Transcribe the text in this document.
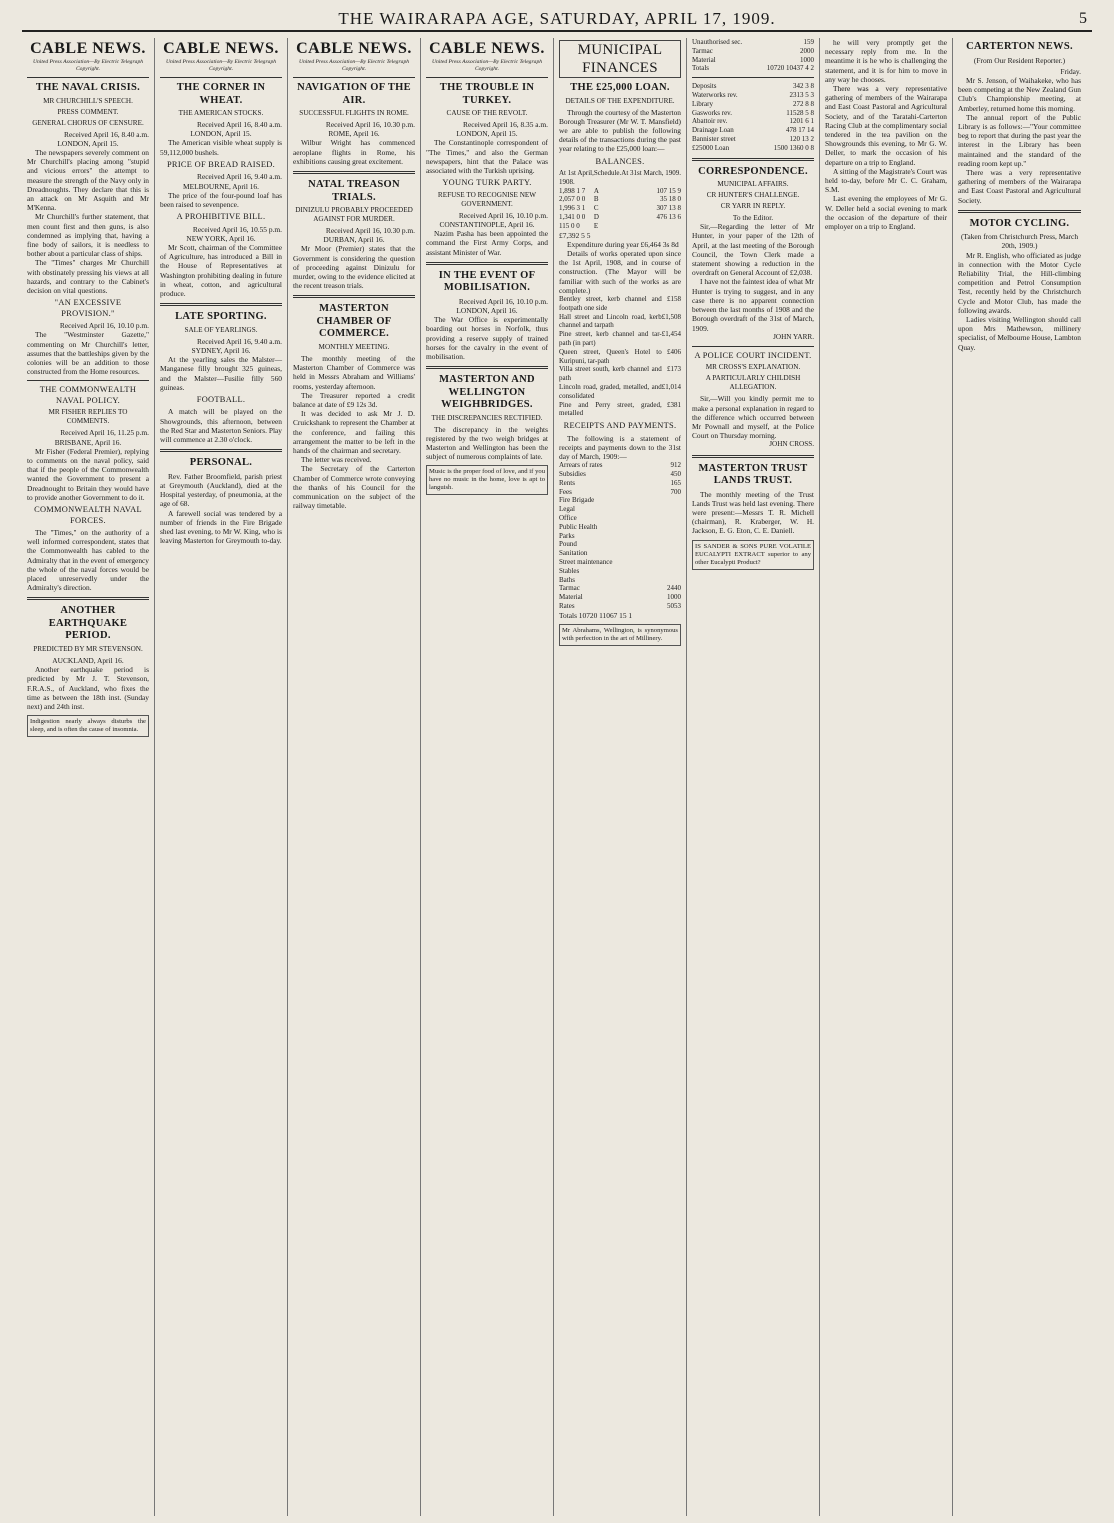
THE WAIRARAPA AGE, SATURDAY, APRIL 17, 1909.	5
CABLE NEWS.
United Press Association—By Electric Telegraph Copyright.
THE NAVAL CRISIS.
MR CHURCHILL'S SPEECH.
PRESS COMMENT.
GENERAL CHORUS OF CENSURE.
Received April 16, 8.40 a.m.
LONDON, April 15.

The newspapers severely comment on Mr Churchill's placing among "stupid and vicious errors" the attempt to measure the strength of the Navy only in Dreadnoughts. They declare that this is an attack on Mr Asquith and Mr M'Kenna.

Mr Churchill's further statement, that men count first and then guns, is also condemned as implying that, having a fine body of sailors, it is needless to bother about a particular class of ships.

The "Times" charges Mr Churchill with obstinately pressing his views at all hazards, and contrary to the Cabinet's decision on vital questions.

"AN EXCESSIVE PROVISION."
Received April 16, 10.10 p.m.

The "Westminster Gazette," commenting on Mr Churchill's letter, assumes that the battleships given by the colonies will be an addition to those constructed from the Home resources.

THE COMMONWEALTH NAVAL POLICY.
MR FISHER REPLIES TO COMMENTS.
Received April 16, 11.25 p.m.
BRISBANE, April 16.

Mr Fisher (Federal Premier), replying to comments on the naval policy, said that if the people of the Commonwealth wanted the Government to present a Dreadnought to Britain they would have to provide another Government to do it.

COMMONWEALTH NAVAL FORCES.

The "Times," on the authority of a well informed correspondent, states that the Commonwealth has cabled to the Admiralty that in the event of emergency the whole of the naval forces would be placed unreservedly under the Admiralty's direction.

ANOTHER EARTHQUAKE PERIOD.
PREDICTED BY MR STEVENSON.
AUCKLAND, April 16.

Another earthquake period is predicted by Mr J. T. Stevenson, F.R.A.S., of Auckland, who fixes the time as between the 18th inst. (Sunday next) and 24th inst.

Indigestion nearly always disturbs the sleep, and is often the cause of insomnia.
CABLE NEWS.
United Press Association—By Electric Telegraph Copyright.
THE CORNER IN WHEAT.
THE AMERICAN STOCKS.
Received April 16, 8.40 a.m.
LONDON, April 15.

The American visible wheat supply is 59,112,000 bushels.

PRICE OF BREAD RAISED.
Received April 16, 9.40 a.m.
MELBOURNE, April 16.

The price of the four-pound loaf has been raised to sevenpence.

A PROHIBITIVE BILL.
Received April 16, 10.55 p.m.
NEW YORK, April 16.

Mr Scott, chairman of the Committee of Agriculture, has introduced a Bill in the House of Representatives at Washington prohibiting dealing in future in wheat, cotton, and agricultural produce.

LATE SPORTING.
SALE OF YEARLINGS.
Received April 16, 9.40 a.m.
SYDNEY, April 16.

At the yearling sales the Malster—Manganese filly brought 325 guineas, and the Malster—Fusilie filly 560 guineas.

FOOTBALL.

A match will be played on the Showgrounds, this afternoon, between the Red Star and Masterton Seniors. Play will commence at 2.30 o'clock.

PERSONAL.

Rev. Father Broomfield, parish priest at Greymouth (Auckland), died at the Hospital yesterday, of pneumonia, at the age of 68.

A farewell social was tendered by a number of friends in the Fire Brigade shed last evening, to Mr W. King, who is leaving Masterton for Greymouth to-day.

CABLE NEWS.
United Press Association—By Electric Telegraph Copyright.
NAVIGATION OF THE AIR.
SUCCESSFUL FLIGHTS IN ROME.
Received April 16, 10.30 p.m.
ROME, April 16.

Wilbur Wright has commenced aeroplane flights in Rome, his exhibitions causing great excitement.

NATAL TREASON TRIALS.
DINIZULU PROBABLY PROCEEDED AGAINST FOR MURDER.
Received April 16, 10.30 p.m.
DURBAN, April 16.

Mr Moor (Premier) states that the Government is considering the question of proceeding against Dinizulu for murder, owing to the evidence elicited at the recent treason trials.

MASTERTON CHAMBER OF COMMERCE.
MONTHLY MEETING.

The monthly meeting of the Masterton Chamber of Commerce was held in Messrs Abraham and Williams' rooms, yesterday afternoon.

The Treasurer reported a credit balance at date of £9 12s 3d.

It was decided to ask Mr J. D. Cruickshank to represent the Chamber at the conference, and failing this arrangement the matter to be left in the hands of the chairman and secretary.

The letter was received.

The Secretary of the Carterton Chamber of Commerce wrote conveying the thanks of his Council for the communication on the subject of the railway timetable.

CABLE NEWS.
United Press Association—By Electric Telegraph Copyright.
THE TROUBLE IN TURKEY.
CAUSE OF THE REVOLT.
Received April 16, 8.35 a.m.
LONDON, April 15.

The Constantinople correspondent of "The Times," and also the German newspapers, hint that the Palace was associated with the Turkish uprising.

YOUNG TURK PARTY.
REFUSE TO RECOGNISE NEW GOVERNMENT.
Received April 16, 10.10 p.m.
CONSTANTINOPLE, April 16.

Nazim Pasha has been appointed the command the First Army Corps, and assistant Minister of War.

IN THE EVENT OF MOBILISATION.
Received April 16, 10.10 p.m.
LONDON, April 16.

The War Office is experimentally boarding out horses in Norfolk, thus providing a reserve supply of trained horses for the cavalry in the event of mobilisation.

MASTERTON AND WELLINGTON WEIGHBRIDGES.
THE DISCREPANCIES RECTIFIED.

The discrepancy in the weights registered by the two weigh bridges at Masterton and Wellington has been the subject of numerous complaints of late.

Music is the proper food of love, and if you have no music in the home, love is apt to languish.
MUNICIPAL FINANCES
THE £25,000 LOAN.
DETAILS OF THE EXPENDITURE.

Through the courtesy of the Masterton Borough Treasurer (Mr W. T. Mansfield) we are able to publish the following details of the transactions during the past year relating to the £25,000 loan:—

BALANCES.
At 1st April, 1908.	Schedule.	At 31st March, 1909.
1,898 1 7	A	107 15 9
2,057 0 0	B	35 18 0
1,996 3 1	C	307 13 8
1,341 0 0	D	476 13 6
115 0 0	E	
£7,392 5 5

Expenditure during year £6,464 3s 8d

Details of works operated upon since the 1st April, 1908, and in course of construction. (The Mayor will be familiar with such of the works as are complete.)

Bentley street, kerb channel and footpath one side	£158
Hall street and Lincoln road, kerb channel and tarpath	£1,508
Pine street, kerb channel and tar-path (in part)	£1,454
Queen street, Queen's Hotel to Kuripuni, tar-path	£406
Villa street south, kerb channel and path	£173
Lincoln road, graded, metalled, and consolidated	£1,014
Pine and Perry street, graded, metalled	£381
RECEIPTS AND PAYMENTS.

The following is a statement of receipts and payments down to the 31st day of March, 1909:—

Arrears of rates	912
Subsidies	450
Rents	165
Fees	700
Fire Brigade	
Legal	
Office	
Public Health	
Parks	
Pound	
Sanitation	
Street maintenance	
Stables	
Baths	
Tarmac	2440
Material	1000
Rates	5053
Totals 10720 11067 15 1
Mr Abrahams, Wellington, is synonymous with perfection in the art of Millinery.
Unauthorised sec.	159
Tarmac	2000
Material	1000
Totals	10720 10437 4 2
Deposits	342 3 8
Waterworks rev.	2313 5 3
Library	272 8 8
Gasworks rev.	11528 5 8
Abattoir rev.	1201 6 1
Drainage Loan	478 17 14
Bannister street	120 13 2
£25000 Loan	1500 1360 0 8
CORRESPONDENCE.
MUNICIPAL AFFAIRS.
CR HUNTER'S CHALLENGE.
CR YARR IN REPLY.
To the Editor.

Sir,—Regarding the letter of Mr Hunter, in your paper of the 12th of April, at the last meeting of the Borough Council, the Town Clerk made a statement showing a reduction in the overdraft on General Account of £2,038.

I have not the faintest idea of what Mr Hunter is trying to suggest, and in any case there is no apparent connection between the last months of 1908 and the Borough overdraft of the 31st of March, 1909.

JOHN YARR.
A POLICE COURT INCIDENT.
MR CROSS'S EXPLANATION.
A PARTICULARLY CHILDISH ALLEGATION.

Sir,—Will you kindly permit me to make a personal explanation in regard to the difference which occurred between Mr Pownall and myself, at the Police Court on Thursday morning.

JOHN CROSS.
MASTERTON TRUST LANDS TRUST.

The monthly meeting of the Trust Lands Trust was held last evening. There were present:—Messrs T. R. Michell (chairman), R. Kraberger, W. H. Jackson, E. G. Eton, C. E. Daniell.

IS SANDER & SONS PURE VOLATILE EUCALYPTI EXTRACT superior to any other Eucalypti Product?

he will very promptly get the necessary reply from me. In the meantime it is he who is challenging the statement, and it is for him to move in any way he chooses.

There was a very representative gathering of members of the Wairarapa and East Coast Pastoral and Agricultural Society, and of the Taratahi-Carterton Racing Club at the complimentary social tendered in the tea pavilion on the Showgrounds this evening, to Mr G. W. Deller, to mark the occasion of his departure on a trip to England.

A sitting of the Magistrate's Court was held to-day, before Mr C. C. Graham, S.M.

Last evening the employees of Mr G. W. Deller held a social evening to mark the occasion of the departure of their employer on a trip to England.

CARTERTON NEWS.
(From Our Resident Reporter.)
Friday.

Mr S. Jenson, of Waihakeke, who has been competing at the New Zealand Gun Club's Championship meeting, at Amberley, returned home this morning.

The annual report of the Public Library is as follows:—"Your committee beg to report that during the past year the interest in the Library has been maintained and the standard of the reading room kept up."

There was a very representative gathering of members of the Wairarapa and East Coast Pastoral and Agricultural Society.

MOTOR CYCLING.
(Taken from Christchurch Press, March 20th, 1909.)

Mr R. English, who officiated as judge in connection with the Motor Cycle Reliability Trial, the Hill-climbing competition and Petrol Consumption Test, recently held by the Christchurch Cycle and Motor Club, has made the following awards.

Ladies visiting Wellington should call upon Mrs Mathewson, millinery specialist, of Melbourne House, Lambton Quay.
